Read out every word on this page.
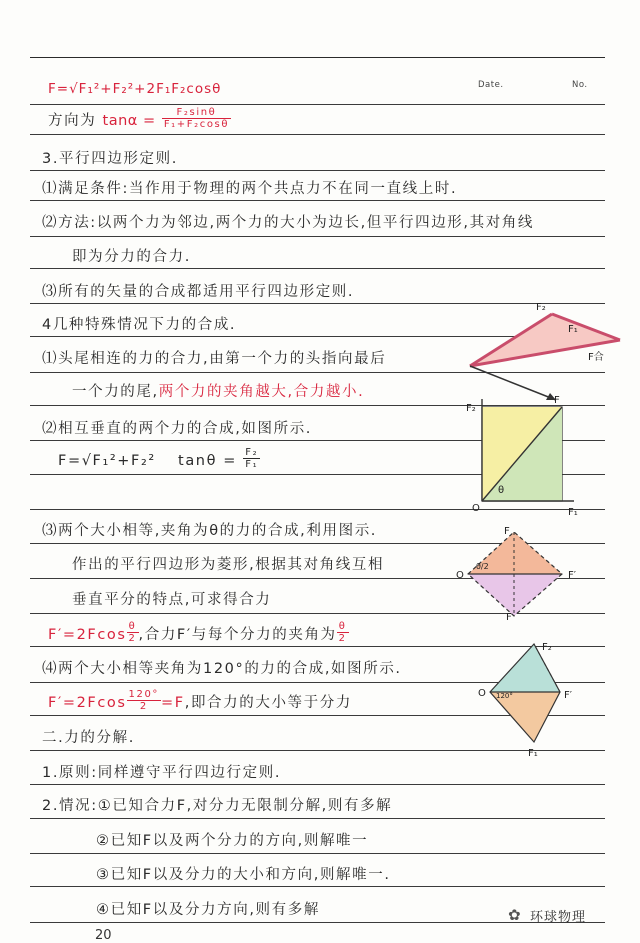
Date.	No.
F=√F₁²+F₂²+2F₁F₂cosθ
方向为 $\tan\alpha = \frac{\text{F₂sinθ}}{\text{F₁+F₂cosθ}}$
3.平行四边形定则.
⑴满足条件:当作用于物理的两个共点力不在同一直线上时.
⑵方法:以两个力为邻边,两个力的大小为边长,但平行四边形,其对角线
即为分力的合力.
⑶所有的矢量的合成都适用平行四边形定则.
4几种特殊情况下力的合成.
⑴头尾相连的力的合力,由第一个力的头指向最后
一个力的尾,两个力的夹角越大,合力越小.
⑵相互垂直的两个力的合成,如图所示.
F=√F₁²+F₂² $\tan\theta = \frac{\text{F₂}}{\text{F₁}}$
⑶两个大小相等,夹角为θ的力的合成,利用图示.
作出的平行四边形为菱形,根据其对角线互相
垂直平分的特点,可求得合力
$F'=2Fcos \frac{\theta}{2}$ ,合力F′与每个分力的夹角为 $\frac{\theta}{2}$
⑷两个大小相等夹角为120°的力的合成,如图所示.
$F'=2Fcos \frac{120^\circ}{2} =F$,即合力的大小等于分力
二.力的分解.
1.原则:同样遵守平行四边行定则.
2.情况:①已知合力F,对分力无限制分解,则有多解
②已知F以及两个分力的方向,则解唯一
③已知F以及分力的大小和方向,则解唯一.
④已知F以及分力方向,则有多解
F₂
F₁
F合
F₂
F
O
θ
F₁
F
O
θ/2
F′
F
F₂
O 120°	F′
F₁
20
✿ 环球物理
